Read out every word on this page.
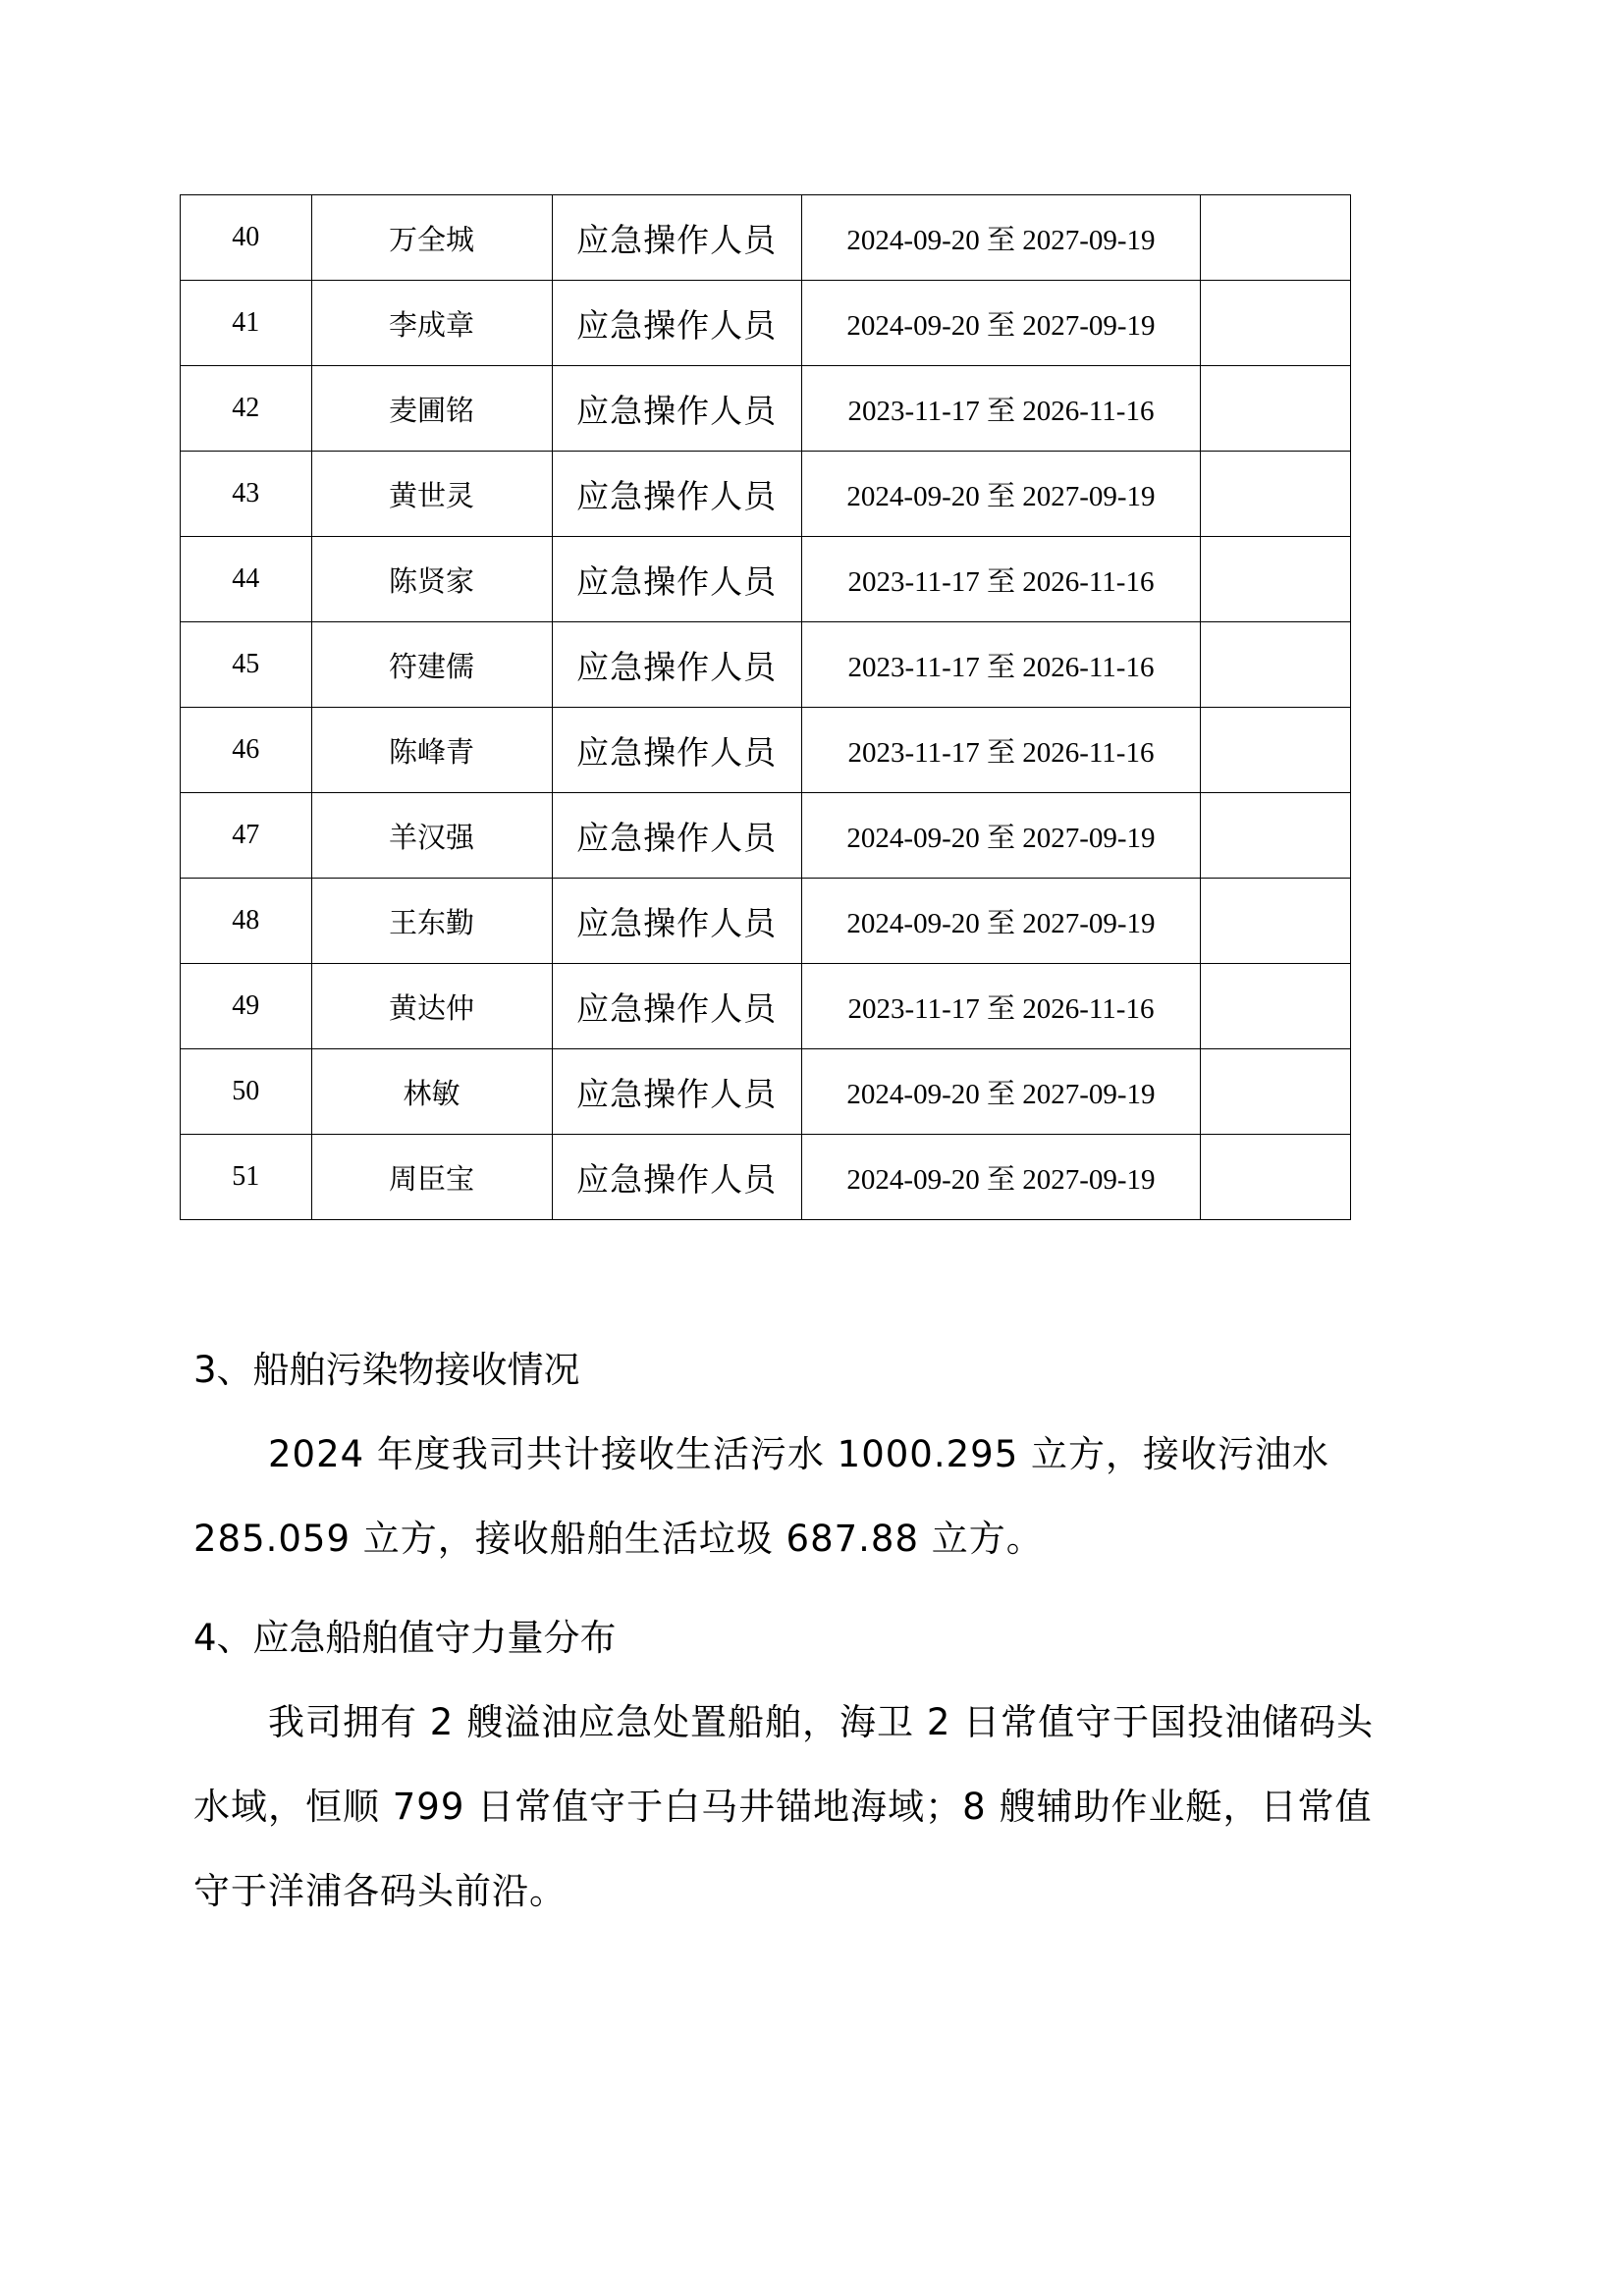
40	万全城	应急操作人员	2024-09-20 至 2027-09-19	
41	李成章	应急操作人员	2024-09-20 至 2027-09-19	
42	麦圃铭	应急操作人员	2023-11-17 至 2026-11-16	
43	黄世灵	应急操作人员	2024-09-20 至 2027-09-19	
44	陈贤家	应急操作人员	2023-11-17 至 2026-11-16	
45	符建儒	应急操作人员	2023-11-17 至 2026-11-16	
46	陈峰青	应急操作人员	2023-11-17 至 2026-11-16	
47	羊汉强	应急操作人员	2024-09-20 至 2027-09-19	
48	王东勤	应急操作人员	2024-09-20 至 2027-09-19	
49	黄达仲	应急操作人员	2023-11-17 至 2026-11-16	
50	林敏	应急操作人员	2024-09-20 至 2027-09-19	
51	周臣宝	应急操作人员	2024-09-20 至 2027-09-19	
3、船舶污染物接收情况
2024 年度我司共计接收生活污水 1000.295 立方，接收污油水 285.059 立方，接收船舶生活垃圾 687.88 立方。
4、应急船舶值守力量分布
我司拥有 2 艘溢油应急处置船舶，海卫 2 日常值守于国投油储码头水域，恒顺 799 日常值守于白马井锚地海域；8 艘辅助作业艇，日常值守于洋浦各码头前沿。
